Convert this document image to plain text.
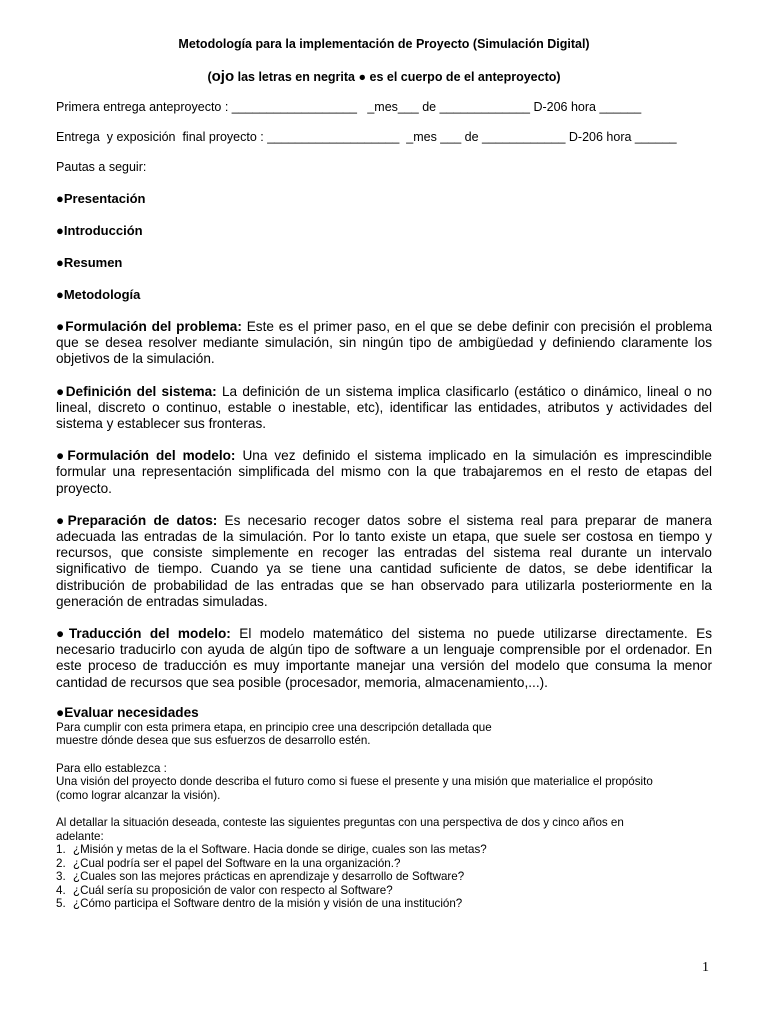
Metodología para la implementación de Proyecto (Simulación Digital)

(ojo las letras en negrita ● es el cuerpo de el anteproyecto)

Primera entrega anteproyecto : __________________   _mes___ de _____________ D-206 hora ______

Entrega  y exposición  final proyecto : ___________________  _mes ___ de ____________ D-206 hora ______

Pautas a seguir:

●Presentación

●Introducción

●Resumen

●Metodología

●Formulación del problema: Este es el primer paso, en el que se debe definir con precisión el problema que se desea resolver mediante simulación, sin ningún tipo de ambigüedad y definiendo claramente los objetivos de la simulación.

●Definición del sistema: La definición de un sistema implica clasificarlo (estático o dinámico, lineal o no lineal, discreto o continuo, estable o inestable, etc), identificar las entidades, atributos y actividades del sistema y establecer sus fronteras.

●Formulación del modelo: Una vez definido el sistema implicado en la simulación es imprescindible formular una representación simplificada del mismo con la que trabajaremos en el resto de etapas del proyecto.

●Preparación de datos: Es necesario recoger datos sobre el sistema real para preparar de manera adecuada las entradas de la simulación. Por lo tanto existe un etapa, que suele ser costosa en tiempo y recursos, que consiste simplemente en recoger las entradas del sistema real durante un intervalo significativo de tiempo. Cuando ya se tiene una cantidad suficiente de datos, se debe identificar la distribución de probabilidad de las entradas que se han observado para utilizarla posteriormente en la generación de entradas simuladas.

●Traducción del modelo: El modelo matemático del sistema no puede utilizarse directamente. Es necesario traducirlo con ayuda de algún tipo de software a un lenguaje comprensible por el ordenador. En este proceso de traducción es muy importante manejar una versión del modelo que consuma la menor cantidad de recursos que sea posible (procesador, memoria, almacenamiento,...).

●Evaluar necesidades

Para cumplir con esta primera etapa, en principio cree una descripción detallada que

muestre dónde desea que sus esfuerzos de desarrollo estén.

Para ello establezca :

Una visión del proyecto donde describa el futuro como si fuese el presente y una misión que materialice el propósito

(como lograr alcanzar la visión).

Al detallar la situación deseada, conteste las siguientes preguntas con una perspectiva de dos y cinco años en

adelante:

1. ¿Misión y metas de la el Software. Hacia donde se dirige, cuales son las metas?
2. ¿Cual podría ser el papel del Software en la una organización.?
3. ¿Cuales son las mejores prácticas en aprendizaje y desarrollo de Software?
4. ¿Cuál sería su proposición de valor con respecto al Software?
5. ¿Cómo participa el Software dentro de la misión y visión de una institución?
1
